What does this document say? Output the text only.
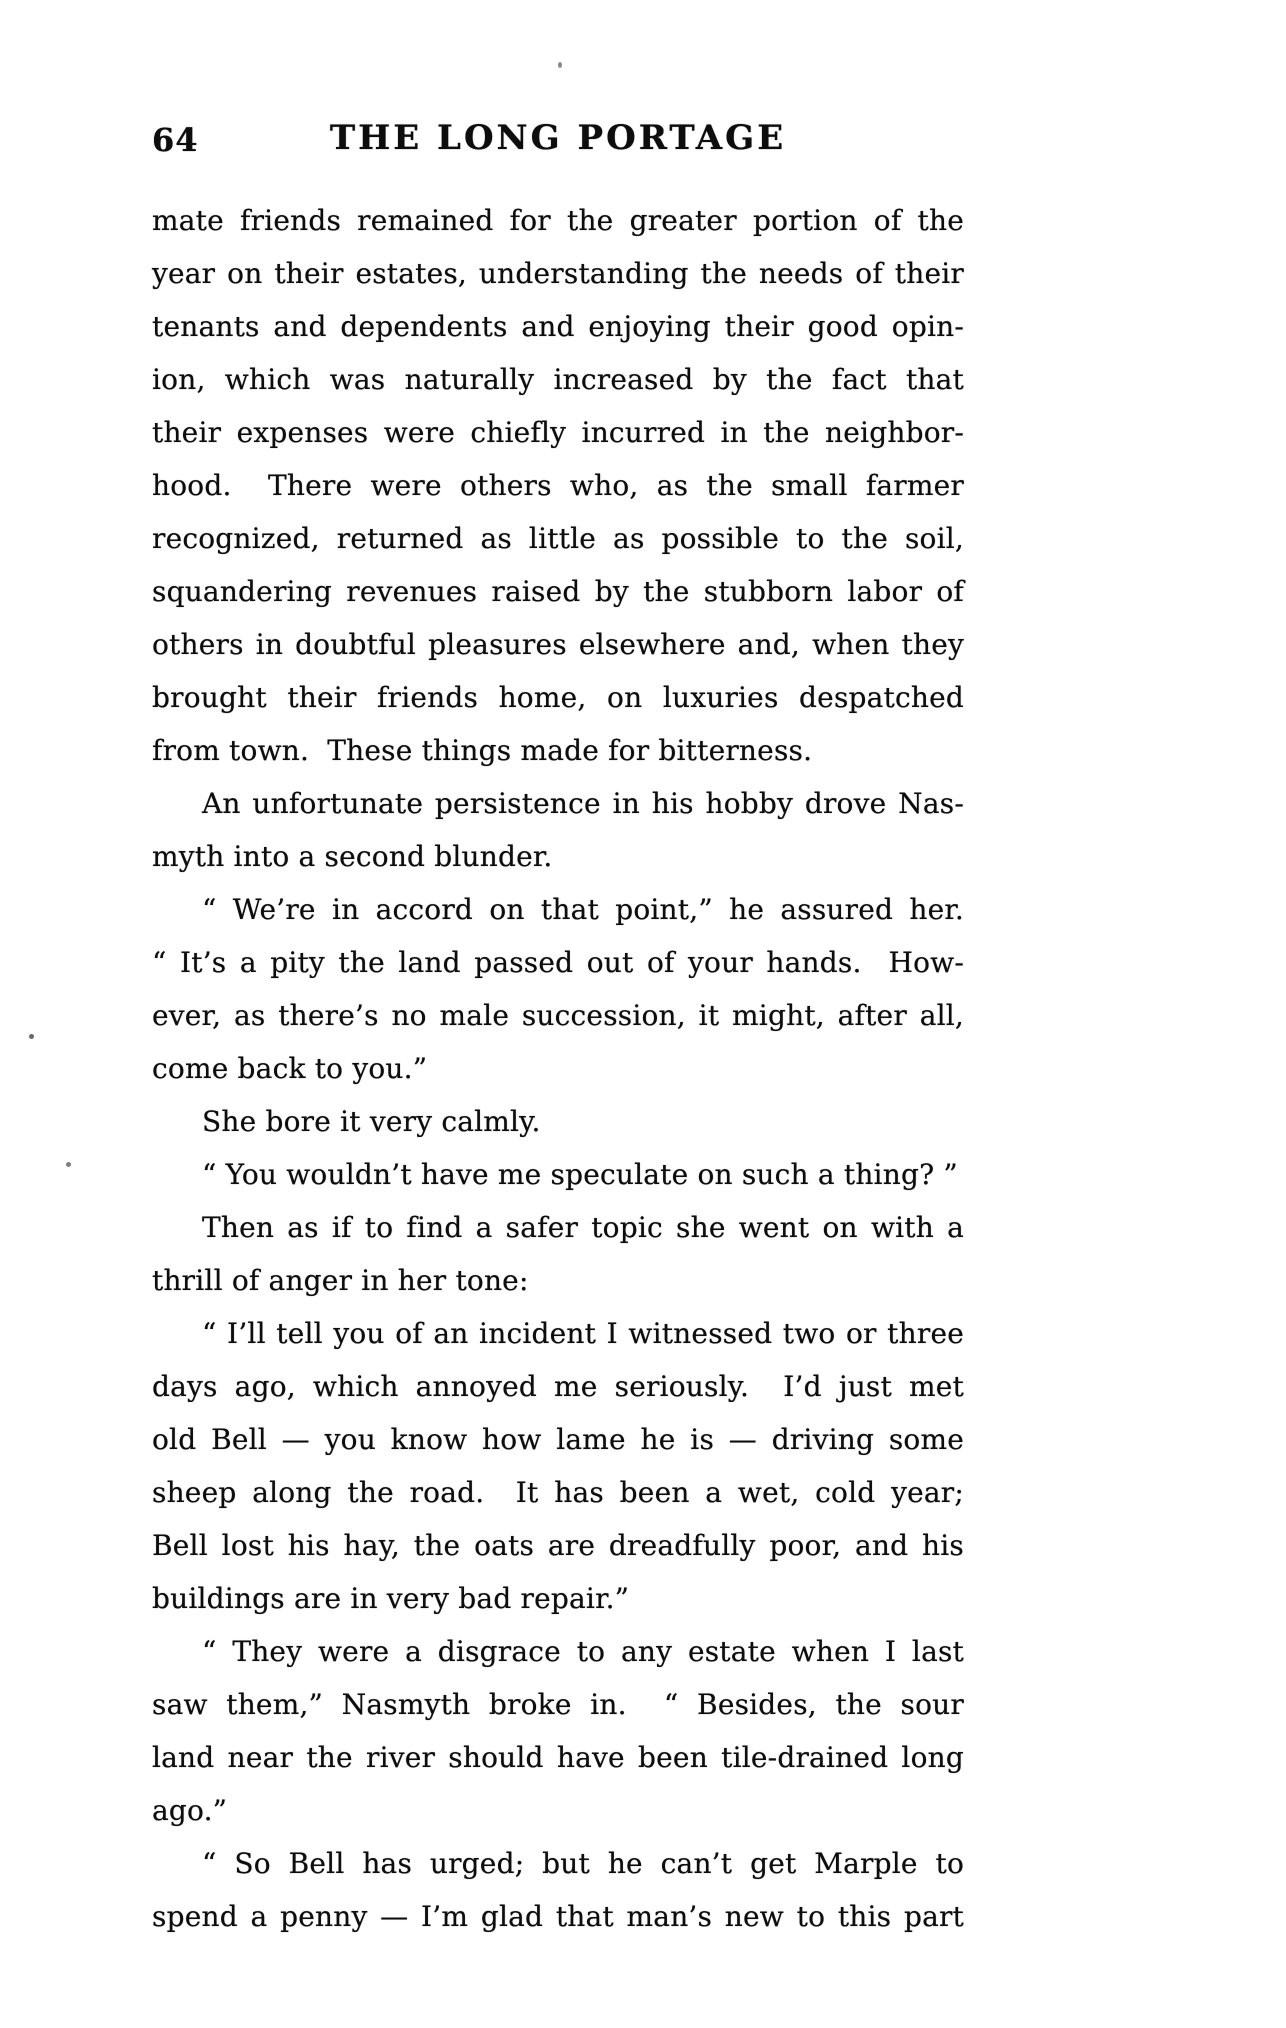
64	THE LONG PORTAGE
mate friends remained for the greater portion of the
year on their estates, understanding the needs of their
tenants and dependents and enjoying their good opin-
ion, which was naturally increased by the fact that
their expenses were chiefly incurred in the neighbor-
hood.  There were others who, as the small farmer
recognized, returned as little as possible to the soil,
squandering revenues raised by the stubborn labor of
others in doubtful pleasures elsewhere and, when they
brought their friends home, on luxuries despatched
from town.  These things made for bitterness.
An unfortunate persistence in his hobby drove Nas-
myth into a second blunder.
“ We’re in accord on that point,” he assured her.
“ It’s a pity the land passed out of your hands.  How-
ever, as there’s no male succession, it might, after all,
come back to you.”
She bore it very calmly.
“ You wouldn’t have me speculate on such a thing? ”
Then as if to find a safer topic she went on with a
thrill of anger in her tone:
“ I’ll tell you of an incident I witnessed two or three
days ago, which annoyed me seriously.  I’d just met
old Bell — you know how lame he is — driving some
sheep along the road.  It has been a wet, cold year;
Bell lost his hay, the oats are dreadfully poor, and his
buildings are in very bad repair.”
“ They were a disgrace to any estate when I last
saw them,” Nasmyth broke in.  “ Besides, the sour
land near the river should have been tile-drained long
ago.”
“ So Bell has urged; but he can’t get Marple to
spend a penny — I’m glad that man’s new to this part
